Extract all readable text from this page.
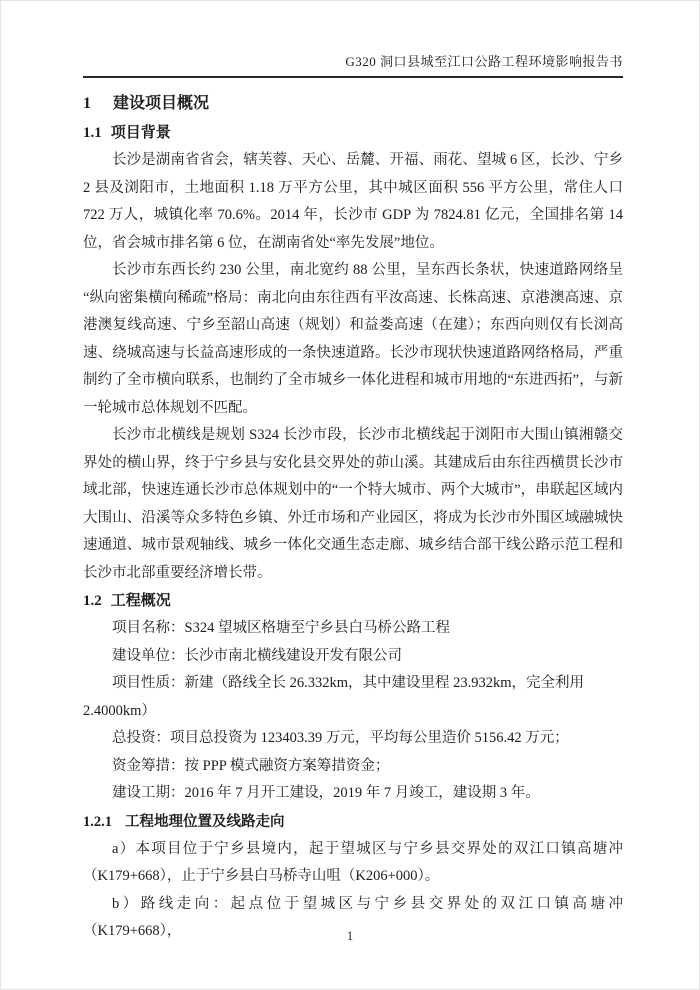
G320 洞口县城至江口公路工程环境影响报告书
1 建设项目概况
1.1 项目背景

长沙是湖南省省会，辖芙蓉、天心、岳麓、开福、雨花、望城 6 区，长沙、宁乡 2 县及浏阳市，土地面积 1.18 万平方公里，其中城区面积 556 平方公里，常住人口 722 万人，城镇化率 70.6%。2014 年，长沙市 GDP 为 7824.81 亿元，全国排名第 14 位，省会城市排名第 6 位，在湖南省处“率先发展”地位。

长沙市东西长约 230 公里，南北宽约 88 公里，呈东西长条状，快速道路网络呈“纵向密集横向稀疏”格局：南北向由东往西有平汝高速、长株高速、京港澳高速、京港澳复线高速、宁乡至韶山高速（规划）和益娄高速（在建）；东西向则仅有长浏高速、绕城高速与长益高速形成的一条快速道路。长沙市现状快速道路网络格局，严重制约了全市横向联系，也制约了全市城乡一体化进程和城市用地的“东进西拓”，与新一轮城市总体规划不匹配。

长沙市北横线是规划 S324 长沙市段，长沙市北横线起于浏阳市大围山镇湘赣交界处的横山界，终于宁乡县与安化县交界处的茆山溪。其建成后由东往西横贯长沙市域北部，快速连通长沙市总体规划中的“一个特大城市、两个大城市”，串联起区域内大围山、沿溪等众多特色乡镇、外迁市场和产业园区，将成为长沙市外围区域融城快速通道、城市景观轴线、城乡一体化交通生态走廊、城乡结合部干线公路示范工程和长沙市北部重要经济增长带。

1.2 工程概况

项目名称：S324 望城区格塘至宁乡县白马桥公路工程

建设单位：长沙市南北横线建设开发有限公司

项目性质：新建（路线全长 26.332km，其中建设里程 23.932km，完全利用 2.4000km）

总投资：项目总投资为 123403.39 万元，平均每公里造价 5156.42 万元；

资金筹措：按 PPP 模式融资方案筹措资金；

建设工期：2016 年 7 月开工建设，2019 年 7 月竣工，建设期 3 年。

1.2.1 工程地理位置及线路走向

a）本项目位于宁乡县境内，起于望城区与宁乡县交界处的双江口镇高塘冲（K179+668），止于宁乡县白马桥寺山咀（K206+000）。

b）路线走向：起点位于望城区与宁乡县交界处的双江口镇高塘冲（K179+668），	1
